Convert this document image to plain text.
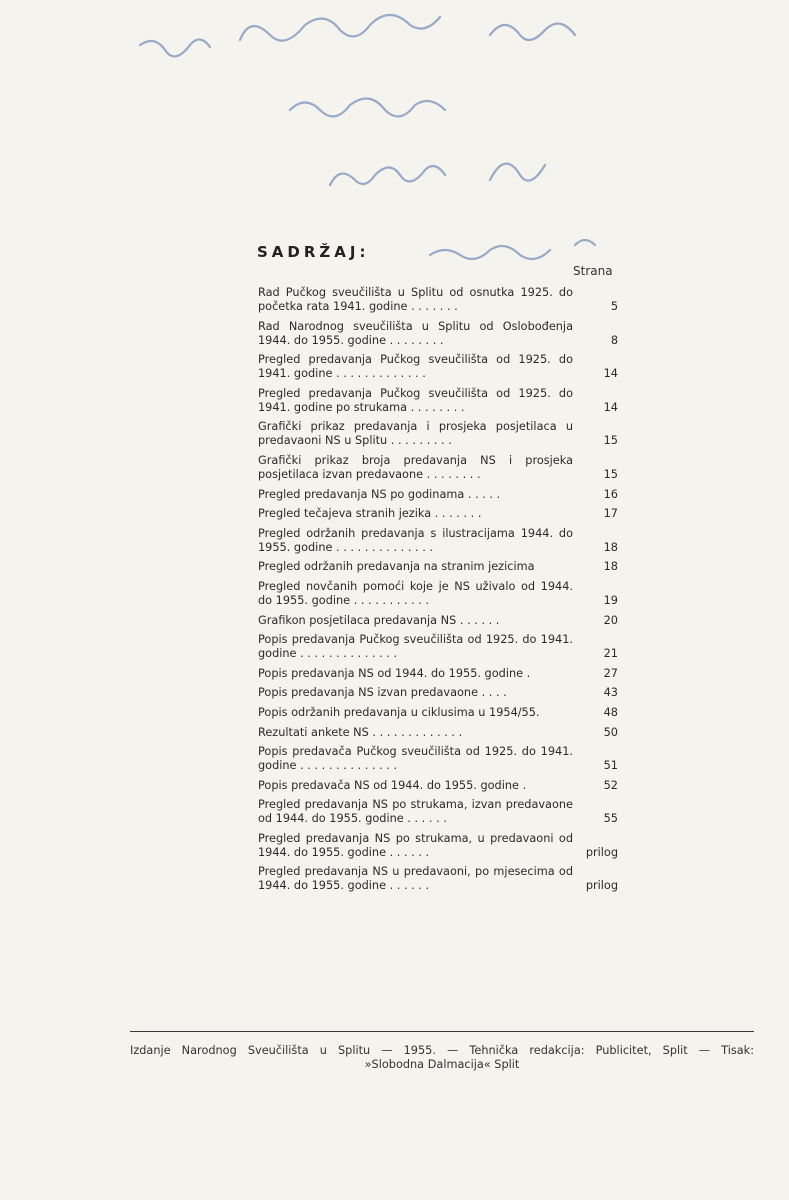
SADRŽAJ:
Strana
Rad Pučkog sveučilišta u Splitu od osnutka 1925. do početka rata 1941. godine . . . . . . .	5
Rad Narodnog sveučilišta u Splitu od Oslobođenja 1944. do 1955. godine . . . . . . . .	8
Pregled predavanja Pučkog sveučilišta od 1925. do 1941. godine . . . . . . . . . . . . .	14
Pregled predavanja Pučkog sveučilišta od 1925. do 1941. godine po strukama . . . . . . . .	14
Grafički prikaz predavanja i prosjeka posjetilaca u predavaoni NS u Splitu . . . . . . . . .	15
Grafički prikaz broja predavanja NS i prosjeka posjetilaca izvan predavaone . . . . . . . .	15
Pregled predavanja NS po godinama . . . . .	16
Pregled tečajeva stranih jezika . . . . . . .	17
Pregled održanih predavanja s ilustracijama 1944. do 1955. godine . . . . . . . . . . . . . .	18
Pregled održanih predavanja na stranim jezicima	18
Pregled novčanih pomoći koje je NS uživalo od 1944. do 1955. godine . . . . . . . . . . .	19
Grafikon posjetilaca predavanja NS . . . . . .	20
Popis predavanja Pučkog sveučilišta od 1925. do 1941. godine . . . . . . . . . . . . . .	21
Popis predavanja NS od 1944. do 1955. godine .	27
Popis predavanja NS izvan predavaone . . . .	43
Popis održanih predavanja u ciklusima u 1954/55.	48
Rezultati ankete NS . . . . . . . . . . . . .	50
Popis predavača Pučkog sveučilišta od 1925. do 1941. godine . . . . . . . . . . . . . .	51
Popis predavača NS od 1944. do 1955. godine .	52
Pregled predavanja NS po strukama, izvan predavaone od 1944. do 1955. godine . . . . . .	55
Pregled predavanja NS po strukama, u predavaoni od 1944. do 1955. godine . . . . . .	prilog
Pregled predavanja NS u predavaoni, po mjesecima od 1944. do 1955. godine . . . . . .	prilog
Izdanje Narodnog Sveučilišta u Splitu — 1955. — Tehnička redakcija: Publicitet, Split — Tisak:
»Slobodna Dalmacija« Split
